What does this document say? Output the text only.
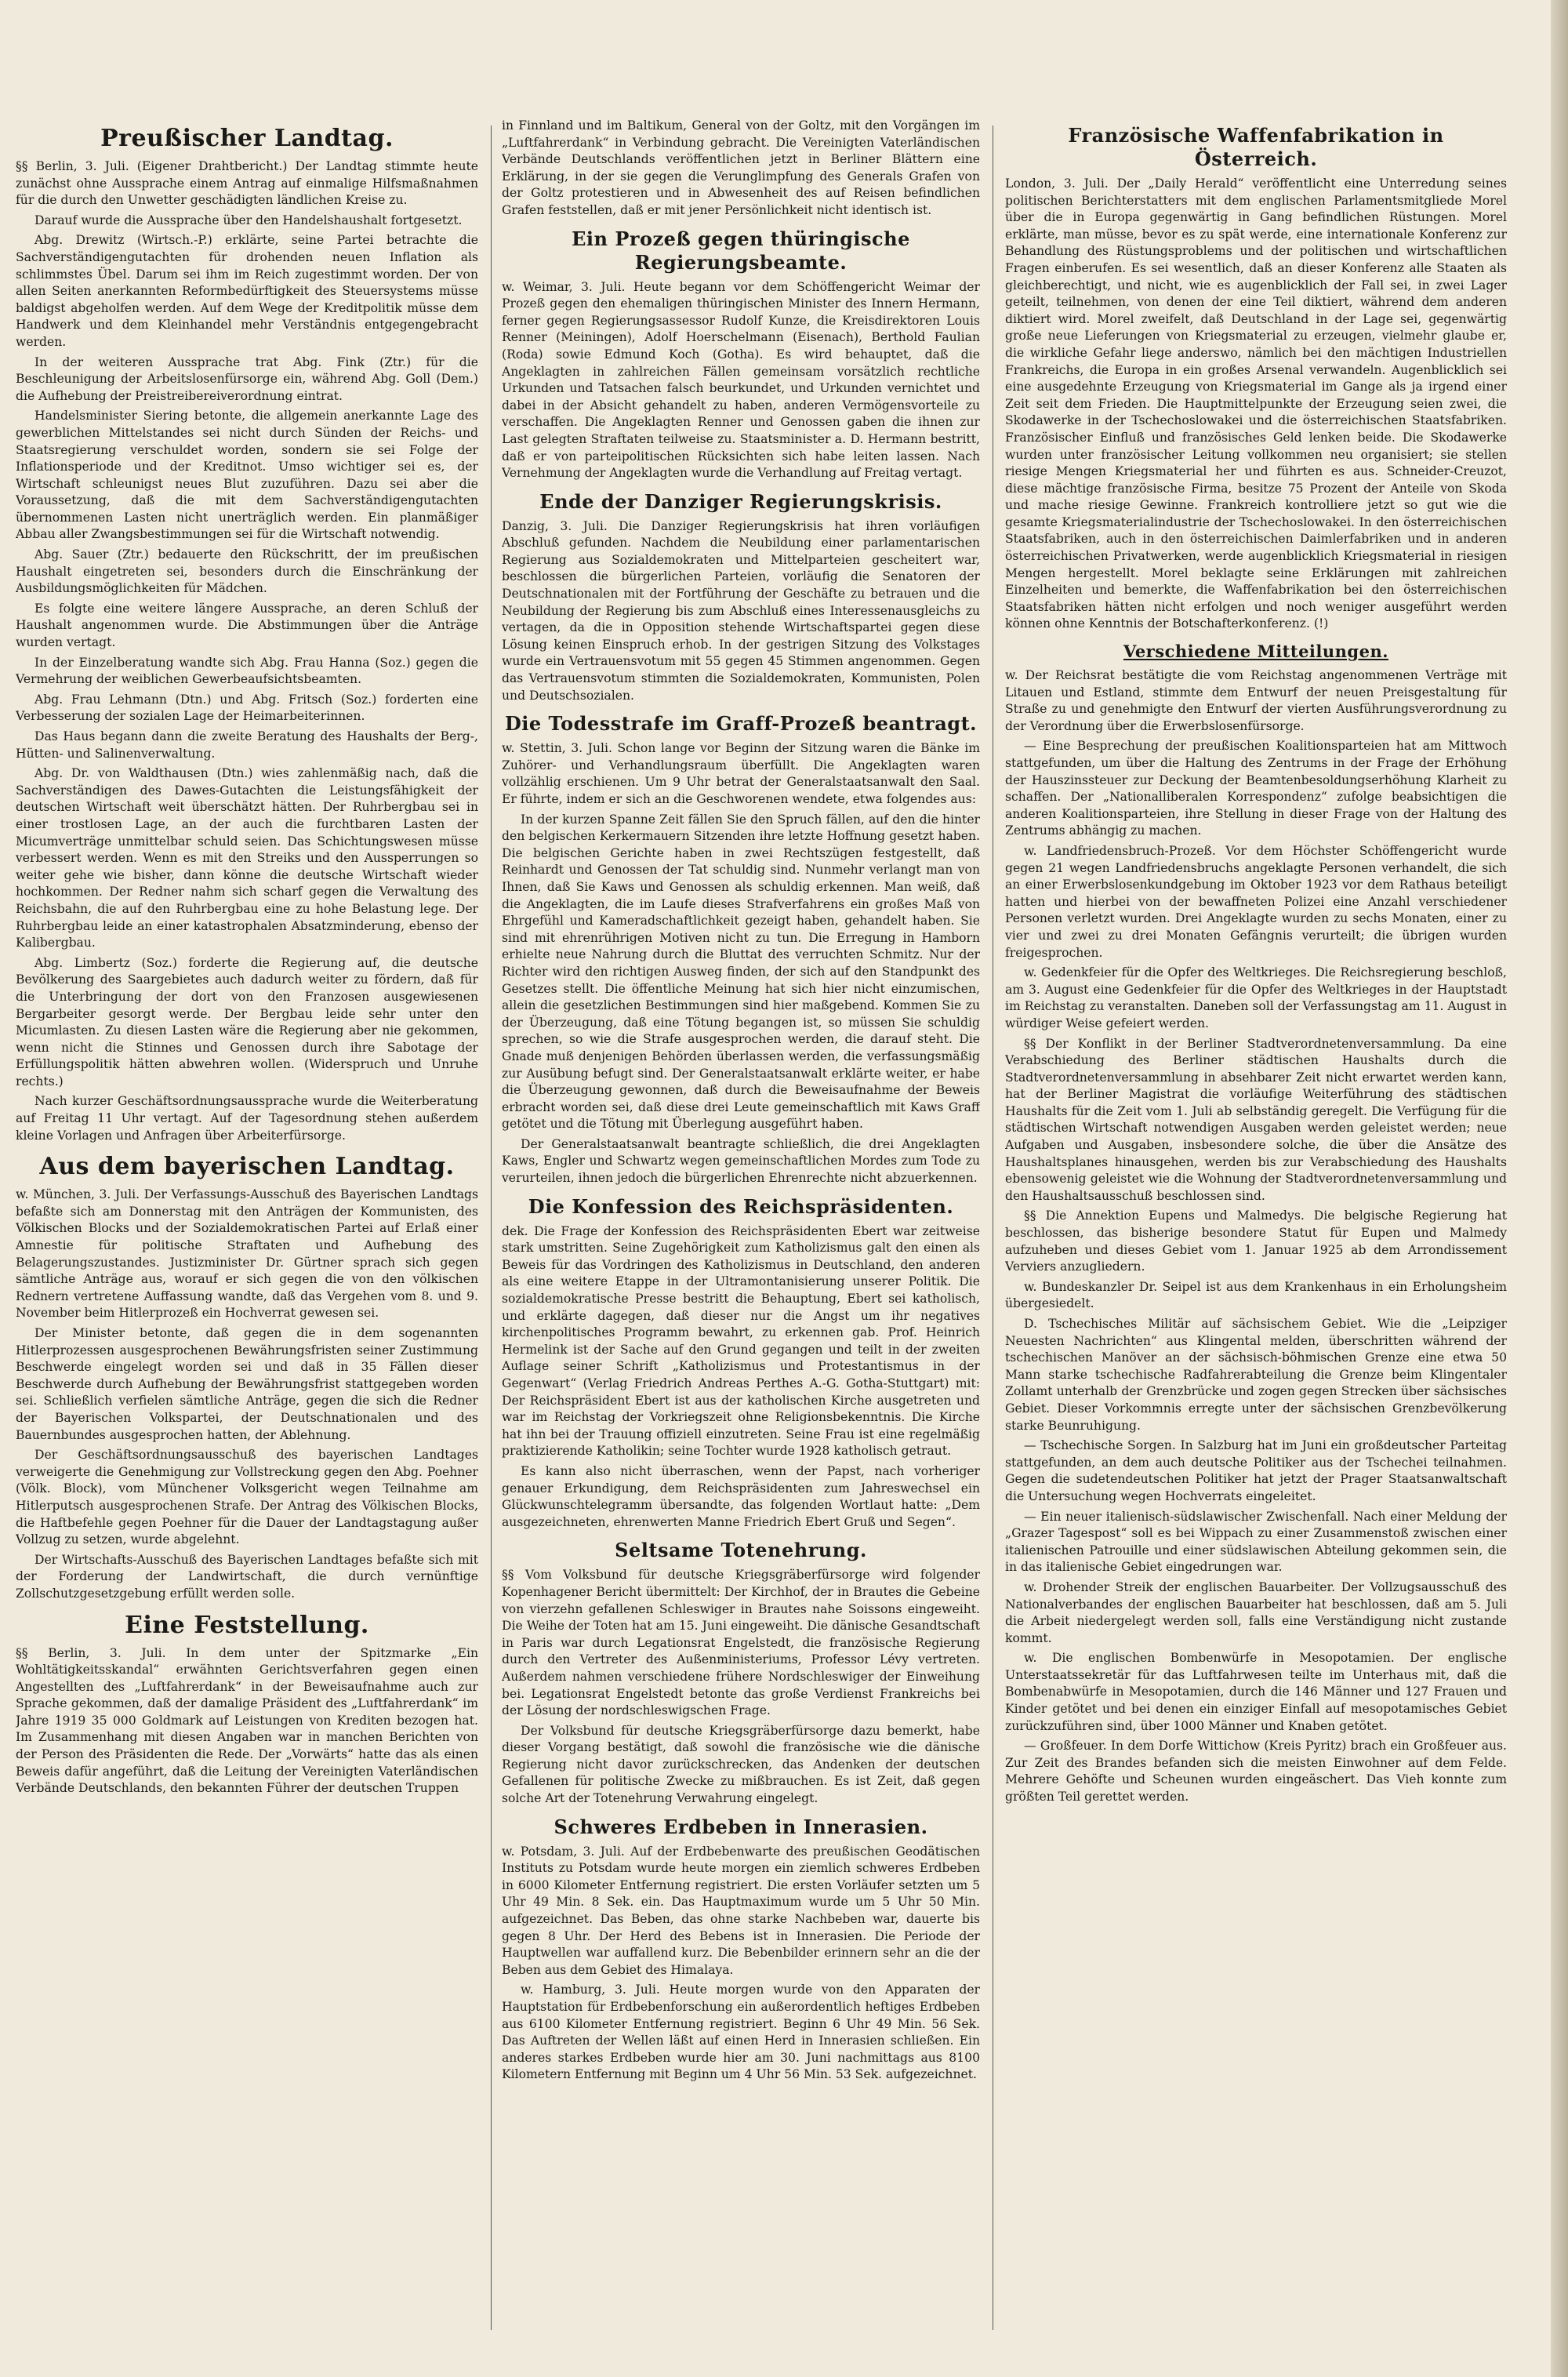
Preußischer Landtag.

§§ Berlin, 3. Juli. (Eigener Drahtbericht.) Der Landtag stimmte heute zunächst ohne Aussprache einem Antrag auf einmalige Hilfsmaßnahmen für die durch den Unwetter geschädigten ländlichen Kreise zu.

Darauf wurde die Aussprache über den Handelshaushalt fortgesetzt.

Abg. Drewitz (Wirtsch.-P.) erklärte, seine Partei betrachte die Sachverständigengutachten für drohenden neuen Inflation als schlimmstes Übel. Darum sei ihm im Reich zugestimmt worden. Der von allen Seiten anerkannten Reformbedürftigkeit des Steuersystems müsse baldigst abgeholfen werden. Auf dem Wege der Kreditpolitik müsse dem Handwerk und dem Kleinhandel mehr Verständnis entgegengebracht werden.

In der weiteren Aussprache trat Abg. Fink (Ztr.) für die Beschleunigung der Arbeitslosenfürsorge ein, während Abg. Goll (Dem.) die Aufhebung der Preistreibereiverordnung eintrat.

Handelsminister Siering betonte, die allgemein anerkannte Lage des gewerblichen Mittelstandes sei nicht durch Sünden der Reichs- und Staatsregierung verschuldet worden, sondern sie sei Folge der Inflationsperiode und der Kreditnot. Umso wichtiger sei es, der Wirtschaft schleunigst neues Blut zuzuführen. Dazu sei aber die Voraussetzung, daß die mit dem Sachverständigengutachten übernommenen Lasten nicht unerträglich werden. Ein planmäßiger Abbau aller Zwangsbestimmungen sei für die Wirtschaft notwendig.

Abg. Sauer (Ztr.) bedauerte den Rückschritt, der im preußischen Haushalt eingetreten sei, besonders durch die Einschränkung der Ausbildungsmöglichkeiten für Mädchen.

Es folgte eine weitere längere Aussprache, an deren Schluß der Haushalt angenommen wurde. Die Abstimmungen über die Anträge wurden vertagt.

In der Einzelberatung wandte sich Abg. Frau Hanna (Soz.) gegen die Vermehrung der weiblichen Gewerbeaufsichtsbeamten.

Abg. Frau Lehmann (Dtn.) und Abg. Fritsch (Soz.) forderten eine Verbesserung der sozialen Lage der Heimarbeiterinnen.

Das Haus begann dann die zweite Beratung des Haushalts der Berg-, Hütten- und Salinenverwaltung.

Abg. Dr. von Waldthausen (Dtn.) wies zahlenmäßig nach, daß die Sachverständigen des Dawes-Gutachten die Leistungsfähigkeit der deutschen Wirtschaft weit überschätzt hätten. Der Ruhrbergbau sei in einer trostlosen Lage, an der auch die furchtbaren Lasten der Micumverträge unmittelbar schuld seien. Das Schichtungswesen müsse verbessert werden. Wenn es mit den Streiks und den Aussperrungen so weiter gehe wie bisher, dann könne die deutsche Wirtschaft wieder hochkommen. Der Redner nahm sich scharf gegen die Verwaltung des Reichsbahn, die auf den Ruhrbergbau eine zu hohe Belastung lege. Der Ruhrbergbau leide an einer katastrophalen Absatzminderung, ebenso der Kalibergbau.

Abg. Limbertz (Soz.) forderte die Regierung auf, die deutsche Bevölkerung des Saargebietes auch dadurch weiter zu fördern, daß für die Unterbringung der dort von den Franzosen ausgewiesenen Bergarbeiter gesorgt werde. Der Bergbau leide sehr unter den Micumlasten. Zu diesen Lasten wäre die Regierung aber nie gekommen, wenn nicht die Stinnes und Genossen durch ihre Sabotage der Erfüllungspolitik hätten abwehren wollen. (Widerspruch und Unruhe rechts.)

Nach kurzer Geschäftsordnungsaussprache wurde die Weiterberatung auf Freitag 11 Uhr vertagt. Auf der Tagesordnung stehen außerdem kleine Vorlagen und Anfragen über Arbeiterfürsorge.

Aus dem bayerischen Landtag.

w. München, 3. Juli. Der Verfassungs-Ausschuß des Bayerischen Landtags befaßte sich am Donnerstag mit den Anträgen der Kommunisten, des Völkischen Blocks und der Sozialdemokratischen Partei auf Erlaß einer Amnestie für politische Straftaten und Aufhebung des Belagerungszustandes. Justizminister Dr. Gürtner sprach sich gegen sämtliche Anträge aus, worauf er sich gegen die von den völkischen Rednern vertretene Auffassung wandte, daß das Vergehen vom 8. und 9. November beim Hitlerprozeß ein Hochverrat gewesen sei.

Der Minister betonte, daß gegen die in dem sogenannten Hitlerprozessen ausgesprochenen Bewährungsfristen seiner Zustimmung Beschwerde eingelegt worden sei und daß in 35 Fällen dieser Beschwerde durch Aufhebung der Bewährungsfrist stattgegeben worden sei. Schließlich verfielen sämtliche Anträge, gegen die sich die Redner der Bayerischen Volkspartei, der Deutschnationalen und des Bauernbundes ausgesprochen hatten, der Ablehnung.

Der Geschäftsordnungsausschuß des bayerischen Landtages verweigerte die Genehmigung zur Vollstreckung gegen den Abg. Poehner (Völk. Block), vom Münchener Volksgericht wegen Teilnahme am Hitlerputsch ausgesprochenen Strafe. Der Antrag des Völkischen Blocks, die Haftbefehle gegen Poehner für die Dauer der Landtagstagung außer Vollzug zu setzen, wurde abgelehnt.

Der Wirtschafts-Ausschuß des Bayerischen Landtages befaßte sich mit der Forderung der Landwirtschaft, die durch vernünftige Zollschutzgesetzgebung erfüllt werden solle.

Eine Feststellung.

§§ Berlin, 3. Juli. In dem unter der Spitzmarke „Ein Wohltätigkeitsskandal“ erwähnten Gerichtsverfahren gegen einen Angestellten des „Luftfahrerdank“ in der Beweisaufnahme auch zur Sprache gekommen, daß der damalige Präsident des „Luftfahrerdank“ im Jahre 1919 35 000 Goldmark auf Leistungen von Krediten bezogen hat. Im Zusammenhang mit diesen Angaben war in manchen Berichten von der Person des Präsidenten die Rede. Der „Vorwärts“ hatte das als einen Beweis dafür angeführt, daß die Leitung der Vereinigten Vaterländischen Verbände Deutschlands, den bekannten Führer der deutschen Truppen

in Finnland und im Baltikum, General von der Goltz, mit den Vorgängen im „Luftfahrerdank“ in Verbindung gebracht. Die Vereinigten Vaterländischen Verbände Deutschlands veröffentlichen jetzt in Berliner Blättern eine Erklärung, in der sie gegen die Verunglimpfung des Generals Grafen von der Goltz protestieren und in Abwesenheit des auf Reisen befindlichen Grafen feststellen, daß er mit jener Persönlichkeit nicht identisch ist.

Ein Prozeß gegen thüringische Regierungsbeamte.

w. Weimar, 3. Juli. Heute begann vor dem Schöffengericht Weimar der Prozeß gegen den ehemaligen thüringischen Minister des Innern Hermann, ferner gegen Regierungsassessor Rudolf Kunze, die Kreisdirektoren Louis Renner (Meiningen), Adolf Hoerschelmann (Eisenach), Berthold Faulian (Roda) sowie Edmund Koch (Gotha). Es wird behauptet, daß die Angeklagten in zahlreichen Fällen gemeinsam vorsätzlich rechtliche Urkunden und Tatsachen falsch beurkundet, und Urkunden vernichtet und dabei in der Absicht gehandelt zu haben, anderen Vermögensvorteile zu verschaffen. Die Angeklagten Renner und Genossen gaben die ihnen zur Last gelegten Straftaten teilweise zu. Staatsminister a. D. Hermann bestritt, daß er von parteipolitischen Rücksichten sich habe leiten lassen. Nach Vernehmung der Angeklagten wurde die Verhandlung auf Freitag vertagt.

Ende der Danziger Regierungskrisis.

Danzig, 3. Juli. Die Danziger Regierungskrisis hat ihren vorläufigen Abschluß gefunden. Nachdem die Neubildung einer parlamentarischen Regierung aus Sozialdemokraten und Mittelparteien gescheitert war, beschlossen die bürgerlichen Parteien, vorläufig die Senatoren der Deutschnationalen mit der Fortführung der Geschäfte zu betrauen und die Neubildung der Regierung bis zum Abschluß eines Interessenausgleichs zu vertagen, da die in Opposition stehende Wirtschaftspartei gegen diese Lösung keinen Einspruch erhob. In der gestrigen Sitzung des Volkstages wurde ein Vertrauensvotum mit 55 gegen 45 Stimmen angenommen. Gegen das Vertrauensvotum stimmten die Sozialdemokraten, Kommunisten, Polen und Deutschsozialen.

Die Todesstrafe im Graff-Prozeß beantragt.

w. Stettin, 3. Juli. Schon lange vor Beginn der Sitzung waren die Bänke im Zuhörer- und Verhandlungsraum überfüllt. Die Angeklagten waren vollzählig erschienen. Um 9 Uhr betrat der Generalstaatsanwalt den Saal. Er führte, indem er sich an die Geschworenen wendete, etwa folgendes aus:

In der kurzen Spanne Zeit fällen Sie den Spruch fällen, auf den die hinter den belgischen Kerkermauern Sitzenden ihre letzte Hoffnung gesetzt haben. Die belgischen Gerichte haben in zwei Rechtszügen festgestellt, daß Reinhardt und Genossen der Tat schuldig sind. Nunmehr verlangt man von Ihnen, daß Sie Kaws und Genossen als schuldig erkennen. Man weiß, daß die Angeklagten, die im Laufe dieses Strafverfahrens ein großes Maß von Ehrgefühl und Kameradschaftlichkeit gezeigt haben, gehandelt haben. Sie sind mit ehrenrührigen Motiven nicht zu tun. Die Erregung in Hamborn erhielte neue Nahrung durch die Bluttat des verruchten Schmitz. Nur der Richter wird den richtigen Ausweg finden, der sich auf den Standpunkt des Gesetzes stellt. Die öffentliche Meinung hat sich hier nicht einzumischen, allein die gesetzlichen Bestimmungen sind hier maßgebend. Kommen Sie zu der Überzeugung, daß eine Tötung begangen ist, so müssen Sie schuldig sprechen, so wie die Strafe ausgesprochen werden, die darauf steht. Die Gnade muß denjenigen Behörden überlassen werden, die verfassungsmäßig zur Ausübung befugt sind. Der Generalstaatsanwalt erklärte weiter, er habe die Überzeugung gewonnen, daß durch die Beweisaufnahme der Beweis erbracht worden sei, daß diese drei Leute gemeinschaftlich mit Kaws Graff getötet und die Tötung mit Überlegung ausgeführt haben.

Der Generalstaatsanwalt beantragte schließlich, die drei Angeklagten Kaws, Engler und Schwartz wegen gemeinschaftlichen Mordes zum Tode zu verurteilen, ihnen jedoch die bürgerlichen Ehrenrechte nicht abzuerkennen.

Die Konfession des Reichspräsidenten.

dek. Die Frage der Konfession des Reichspräsidenten Ebert war zeitweise stark umstritten. Seine Zugehörigkeit zum Katholizismus galt den einen als Beweis für das Vordringen des Katholizismus in Deutschland, den anderen als eine weitere Etappe in der Ultramontanisierung unserer Politik. Die sozialdemokratische Presse bestritt die Behauptung, Ebert sei katholisch, und erklärte dagegen, daß dieser nur die Angst um ihr negatives kirchenpolitisches Programm bewahrt, zu erkennen gab. Prof. Heinrich Hermelink ist der Sache auf den Grund gegangen und teilt in der zweiten Auflage seiner Schrift „Katholizismus und Protestantismus in der Gegenwart“ (Verlag Friedrich Andreas Perthes A.-G. Gotha-Stuttgart) mit: Der Reichspräsident Ebert ist aus der katholischen Kirche ausgetreten und war im Reichstag der Vorkriegszeit ohne Religionsbekenntnis. Die Kirche hat ihn bei der Trauung offiziell einzutreten. Seine Frau ist eine regelmäßig praktizierende Katholikin; seine Tochter wurde 1928 katholisch getraut.

Es kann also nicht überraschen, wenn der Papst, nach vorheriger genauer Erkundigung, dem Reichspräsidenten zum Jahreswechsel ein Glückwunschtelegramm übersandte, das folgenden Wortlaut hatte: „Dem ausgezeichneten, ehrenwerten Manne Friedrich Ebert Gruß und Segen“.

Seltsame Totenehrung.

§§ Vom Volksbund für deutsche Kriegsgräberfürsorge wird folgender Kopenhagener Bericht übermittelt: Der Kirchhof, der in Brautes die Gebeine von vierzehn gefallenen Schleswiger in Brautes nahe Soissons eingeweiht. Die Weihe der Toten hat am 15. Juni eingeweiht. Die dänische Gesandtschaft in Paris war durch Legationsrat Engelstedt, die französische Regierung durch den Vertreter des Außenministeriums, Professor Lévy vertreten. Außerdem nahmen verschiedene frühere Nordschleswiger der Einweihung bei. Legationsrat Engelstedt betonte das große Verdienst Frankreichs bei der Lösung der nordschleswigschen Frage.

Der Volksbund für deutsche Kriegsgräberfürsorge dazu bemerkt, habe dieser Vorgang bestätigt, daß sowohl die französische wie die dänische Regierung nicht davor zurückschrecken, das Andenken der deutschen Gefallenen für politische Zwecke zu mißbrauchen. Es ist Zeit, daß gegen solche Art der Totenehrung Verwahrung eingelegt.

Schweres Erdbeben in Innerasien.

w. Potsdam, 3. Juli. Auf der Erdbebenwarte des preußischen Geodätischen Instituts zu Potsdam wurde heute morgen ein ziemlich schweres Erdbeben in 6000 Kilometer Entfernung registriert. Die ersten Vorläufer setzten um 5 Uhr 49 Min. 8 Sek. ein. Das Hauptmaximum wurde um 5 Uhr 50 Min. aufgezeichnet. Das Beben, das ohne starke Nachbeben war, dauerte bis gegen 8 Uhr. Der Herd des Bebens ist in Innerasien. Die Periode der Hauptwellen war auffallend kurz. Die Bebenbilder erinnern sehr an die der Beben aus dem Gebiet des Himalaya.

w. Hamburg, 3. Juli. Heute morgen wurde von den Apparaten der Hauptstation für Erdbebenforschung ein außerordentlich heftiges Erdbeben aus 6100 Kilometer Entfernung registriert. Beginn 6 Uhr 49 Min. 56 Sek. Das Auftreten der Wellen läßt auf einen Herd in Innerasien schließen. Ein anderes starkes Erdbeben wurde hier am 30. Juni nachmittags aus 8100 Kilometern Entfernung mit Beginn um 4 Uhr 56 Min. 53 Sek. aufgezeichnet.

Französische Waffenfabrikation in Österreich.

London, 3. Juli. Der „Daily Herald“ veröffentlicht eine Unterredung seines politischen Berichterstatters mit dem englischen Parlamentsmitgliede Morel über die in Europa gegenwärtig in Gang befindlichen Rüstungen. Morel erklärte, man müsse, bevor es zu spät werde, eine internationale Konferenz zur Behandlung des Rüstungsproblems und der politischen und wirtschaftlichen Fragen einberufen. Es sei wesentlich, daß an dieser Konferenz alle Staaten als gleichberechtigt, und nicht, wie es augenblicklich der Fall sei, in zwei Lager geteilt, teilnehmen, von denen der eine Teil diktiert, während dem anderen diktiert wird. Morel zweifelt, daß Deutschland in der Lage sei, gegenwärtig große neue Lieferungen von Kriegsmaterial zu erzeugen, vielmehr glaube er, die wirkliche Gefahr liege anderswo, nämlich bei den mächtigen Industriellen Frankreichs, die Europa in ein großes Arsenal verwandeln. Augenblicklich sei eine ausgedehnte Erzeugung von Kriegsmaterial im Gange als ja irgend einer Zeit seit dem Frieden. Die Hauptmittelpunkte der Erzeugung seien zwei, die Skodawerke in der Tschechoslowakei und die österreichischen Staatsfabriken. Französischer Einfluß und französisches Geld lenken beide. Die Skodawerke wurden unter französischer Leitung vollkommen neu organisiert; sie stellen riesige Mengen Kriegsmaterial her und führten es aus. Schneider-Creuzot, diese mächtige französische Firma, besitze 75 Prozent der Anteile von Skoda und mache riesige Gewinne. Frankreich kontrolliere jetzt so gut wie die gesamte Kriegsmaterialindustrie der Tschechoslowakei. In den österreichischen Staatsfabriken, auch in den österreichischen Daimlerfabriken und in anderen österreichischen Privatwerken, werde augenblicklich Kriegsmaterial in riesigen Mengen hergestellt. Morel beklagte seine Erklärungen mit zahlreichen Einzelheiten und bemerkte, die Waffenfabrikation bei den österreichischen Staatsfabriken hätten nicht erfolgen und noch weniger ausgeführt werden können ohne Kenntnis der Botschafterkonferenz. (!)

Verschiedene Mitteilungen.

w. Der Reichsrat bestätigte die vom Reichstag angenommenen Verträge mit Litauen und Estland, stimmte dem Entwurf der neuen Preisgestaltung für Straße zu und genehmigte den Entwurf der vierten Ausführungsverordnung zu der Verordnung über die Erwerbslosenfürsorge.

— Eine Besprechung der preußischen Koalitionsparteien hat am Mittwoch stattgefunden, um über die Haltung des Zentrums in der Frage der Erhöhung der Hauszinssteuer zur Deckung der Beamtenbesoldungserhöhung Klarheit zu schaffen. Der „Nationalliberalen Korrespondenz“ zufolge beabsichtigen die anderen Koalitionsparteien, ihre Stellung in dieser Frage von der Haltung des Zentrums abhängig zu machen.

w. Landfriedensbruch-Prozeß. Vor dem Höchster Schöffengericht wurde gegen 21 wegen Landfriedensbruchs angeklagte Personen verhandelt, die sich an einer Erwerbslosenkundgebung im Oktober 1923 vor dem Rathaus beteiligt hatten und hierbei von der bewaffneten Polizei eine Anzahl verschiedener Personen verletzt wurden. Drei Angeklagte wurden zu sechs Monaten, einer zu vier und zwei zu drei Monaten Gefängnis verurteilt; die übrigen wurden freigesprochen.

w. Gedenkfeier für die Opfer des Weltkrieges. Die Reichsregierung beschloß, am 3. August eine Gedenkfeier für die Opfer des Weltkrieges in der Hauptstadt im Reichstag zu veranstalten. Daneben soll der Verfassungstag am 11. August in würdiger Weise gefeiert werden.

§§ Der Konflikt in der Berliner Stadtverordnetenversammlung. Da eine Verabschiedung des Berliner städtischen Haushalts durch die Stadtverordnetenversammlung in absehbarer Zeit nicht erwartet werden kann, hat der Berliner Magistrat die vorläufige Weiterführung des städtischen Haushalts für die Zeit vom 1. Juli ab selbständig geregelt. Die Verfügung für die städtischen Wirtschaft notwendigen Ausgaben werden geleistet werden; neue Aufgaben und Ausgaben, insbesondere solche, die über die Ansätze des Haushaltsplanes hinausgehen, werden bis zur Verabschiedung des Haushalts ebensowenig geleistet wie die Wohnung der Stadtverordnetenversammlung und den Haushaltsausschuß beschlossen sind.

§§ Die Annektion Eupens und Malmedys. Die belgische Regierung hat beschlossen, das bisherige besondere Statut für Eupen und Malmedy aufzuheben und dieses Gebiet vom 1. Januar 1925 ab dem Arrondissement Verviers anzugliedern.

w. Bundeskanzler Dr. Seipel ist aus dem Krankenhaus in ein Erholungsheim übergesiedelt.

D. Tschechisches Militär auf sächsischem Gebiet. Wie die „Leipziger Neuesten Nachrichten“ aus Klingental melden, überschritten während der tschechischen Manöver an der sächsisch-böhmischen Grenze eine etwa 50 Mann starke tschechische Radfahrerabteilung die Grenze beim Klingentaler Zollamt unterhalb der Grenzbrücke und zogen gegen Strecken über sächsisches Gebiet. Dieser Vorkommnis erregte unter der sächsischen Grenzbevölkerung starke Beunruhigung.

— Tschechische Sorgen. In Salzburg hat im Juni ein großdeutscher Parteitag stattgefunden, an dem auch deutsche Politiker aus der Tschechei teilnahmen. Gegen die sudetendeutschen Politiker hat jetzt der Prager Staatsanwaltschaft die Untersuchung wegen Hochverrats eingeleitet.

— Ein neuer italienisch-südslawischer Zwischenfall. Nach einer Meldung der „Grazer Tagespost“ soll es bei Wippach zu einer Zusammenstoß zwischen einer italienischen Patrouille und einer südslawischen Abteilung gekommen sein, die in das italienische Gebiet eingedrungen war.

w. Drohender Streik der englischen Bauarbeiter. Der Vollzugsausschuß des Nationalverbandes der englischen Bauarbeiter hat beschlossen, daß am 5. Juli die Arbeit niedergelegt werden soll, falls eine Verständigung nicht zustande kommt.

w. Die englischen Bombenwürfe in Mesopotamien. Der englische Unterstaatssekretär für das Luftfahrwesen teilte im Unterhaus mit, daß die Bombenabwürfe in Mesopotamien, durch die 146 Männer und 127 Frauen und Kinder getötet und bei denen ein einziger Einfall auf mesopotamisches Gebiet zurückzuführen sind, über 1000 Männer und Knaben getötet.

— Großfeuer. In dem Dorfe Wittichow (Kreis Pyritz) brach ein Großfeuer aus. Zur Zeit des Brandes befanden sich die meisten Einwohner auf dem Felde. Mehrere Gehöfte und Scheunen wurden eingeäschert. Das Vieh konnte zum größten Teil gerettet werden.
